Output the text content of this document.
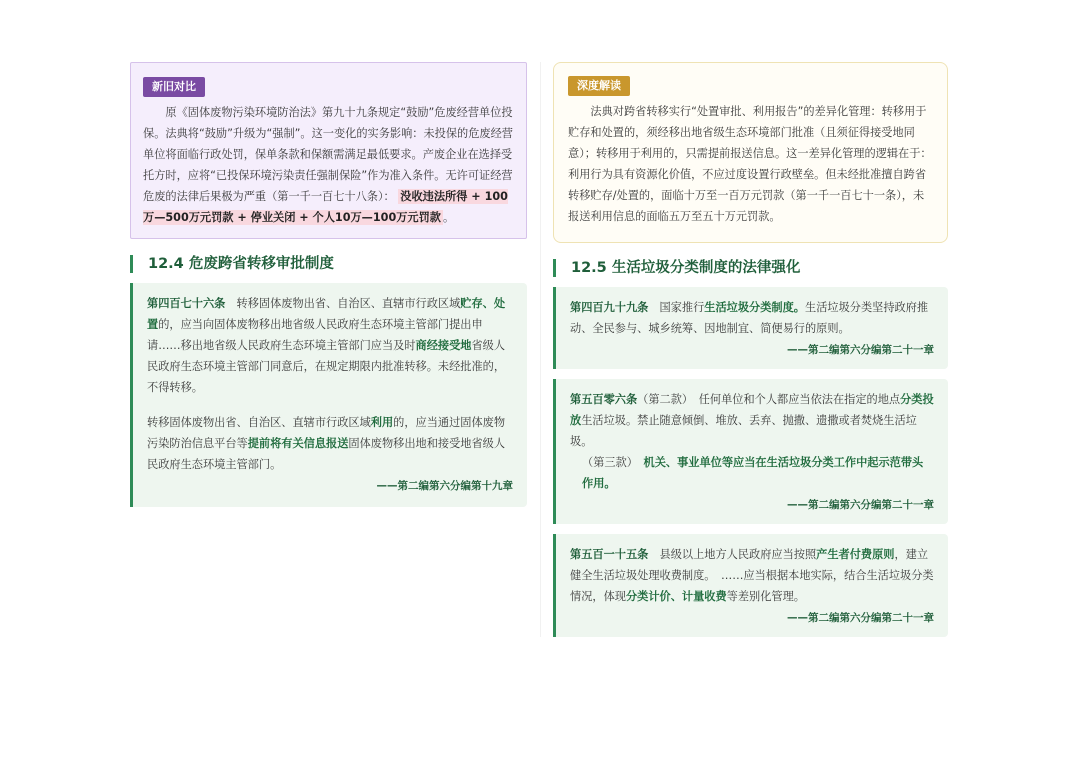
新旧对比
原《固体废物污染环境防治法》第九十九条规定“鼓励”危废经营单位投保。法典将“鼓励”升级为“强制”。这一变化的实务影响：未投保的危废经营单位将面临行政处罚，保单条款和保额需满足最低要求。产废企业在选择受托方时，应将“已投保环境污染责任强制保险”作为准入条件。无许可证经营危废的法律后果极为严重（第一千一百七十八条）： 没收违法所得 + 100万—500万元罚款 + 停业关闭 + 个人10万—100万元罚款 。
12.4 危废跨省转移审批制度
第四百七十六条　 转移固体废物出省、自治区、直辖市行政区域贮存、处置的，应当向固体废物移出地省级人民政府生态环境主管部门提出申请……移出地省级人民政府生态环境主管部门应当及时商经接受地省级人民政府生态环境主管部门同意后，在规定期限内批准转移。未经批准的，不得转移。
转移固体废物出省、自治区、直辖市行政区域利用的，应当通过固体废物污染防治信息平台等提前将有关信息报送固体废物移出地和接受地省级人民政府生态环境主管部门。
——第二编第六分编第十九章
深度解读
法典对跨省转移实行“处置审批、利用报告”的差异化管理：转移用于贮存和处置的，须经移出地省级生态环境部门批准（且须征得接受地同意）；转移用于利用的，只需提前报送信息。这一差异化管理的逻辑在于：利用行为具有资源化价值，不应过度设置行政壁垒。但未经批准擅自跨省转移贮存/处置的，面临十万至一百万元罚款（第一千一百七十一条），未报送利用信息的面临五万至五十万元罚款。
12.5 生活垃圾分类制度的法律强化
第四百九十九条　 国家推行生活垃圾分类制度。生活垃圾分类坚持政府推动、全民参与、城乡统筹、因地制宜、简便易行的原则。
——第二编第六分编第二十一章
第五百零六条（第二款）　 任何单位和个人都应当依法在指定的地点分类投放生活垃圾。禁止随意倾倒、堆放、丢弃、抛撒、遗撒或者焚烧生活垃圾。
（第三款）　 机关、事业单位等应当在生活垃圾分类工作中起示范带头作用。
——第二编第六分编第二十一章
第五百一十五条　 县级以上地方人民政府应当按照产生者付费原则，建立健全生活垃圾处理收费制度。　……应当根据本地实际，结合生活垃圾分类情况，体现分类计价、计量收费等差别化管理。
——第二编第六分编第二十一章
